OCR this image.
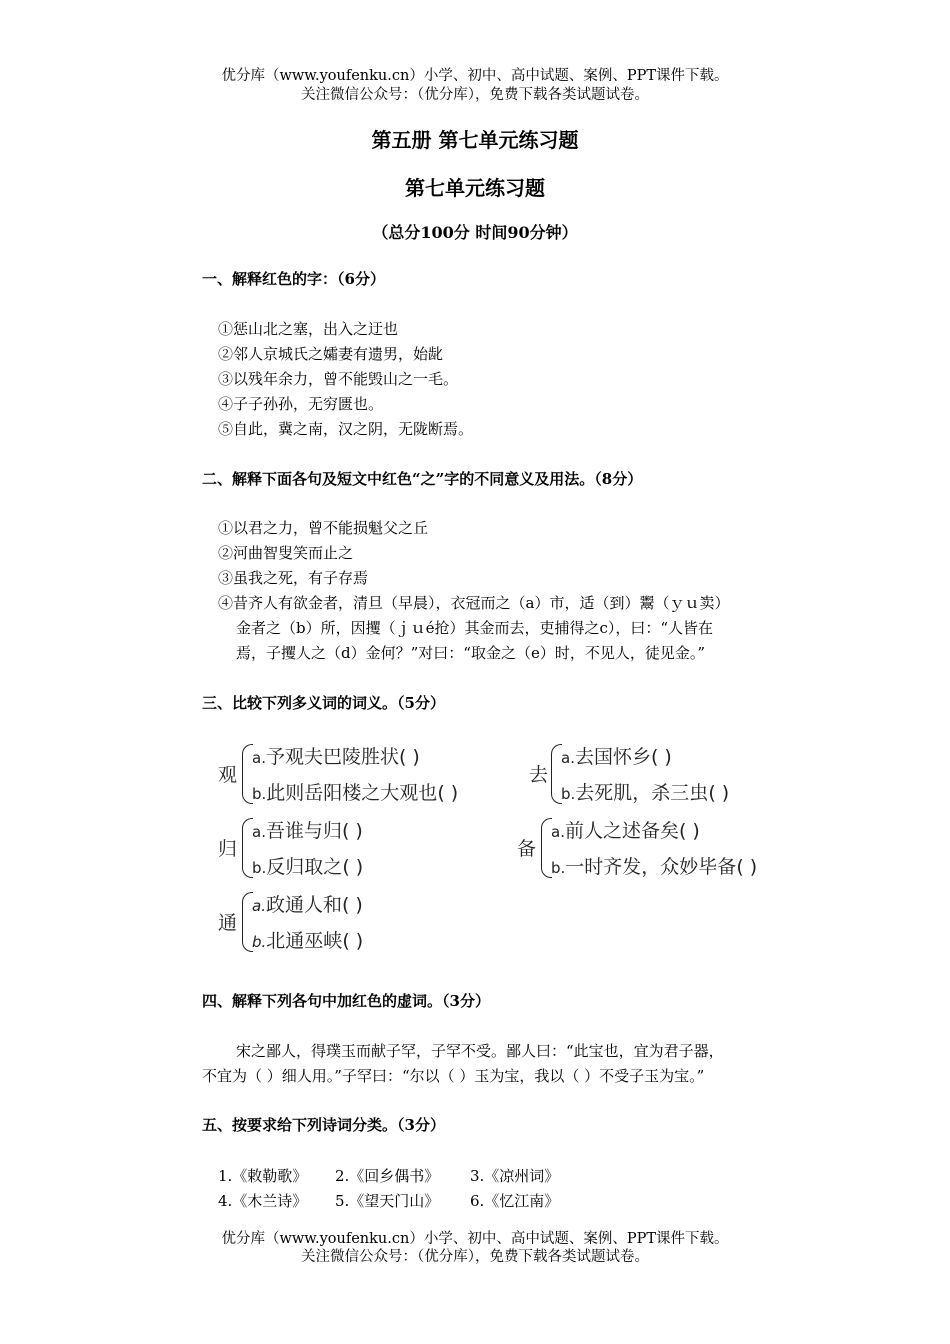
优分库（www.youfenku.cn）小学、初中、高中试题、案例、PPT课件下载。
关注微信公众号：（优分库），免费下载各类试题试卷。
第五册 第七单元练习题
第七单元练习题
（总分100分 时间90分钟）
一、解释红色的字：（6分）
①惩山北之塞，出入之迂也
②邻人京城氏之孀妻有遗男，始龀
③以残年余力，曾不能毁山之一毛。
④子子孙孙，无穷匮也。
⑤自此，冀之南，汉之阴，无陇断焉。
二、解释下面各句及短文中红色“之”字的不同意义及用法。（8分）
①以君之力，曾不能损魁父之丘
②河曲智叟笑而止之
③虽我之死，有子存焉
④昔齐人有欲金者，清旦（早晨），衣冠而之（a）市，适（到）鬻（ｙｕ̀卖）
金者之（b）所，因攫（ｊｕé抢）其金而去，吏捕得之c），曰：“人皆在
焉，子攫人之（d）金何？”对曰：“取金之（e）时，不见人，徒见金。”
三、比较下列多义词的词义。（5分）
观
a.予观夫巴陵胜状( )
b.此则岳阳楼之大观也( )
去
a.去国怀乡( )
b.去死肌，杀三虫( )
归
a.吾谁与归( )
b.反归取之( )
备
a.前人之述备矣( )
b.一时齐发，众妙毕备( )
通
a.政通人和( )
b.北通巫峡( )
四、解释下列各句中加红色的虚词。（3分）
宋之鄙人，得璞玉而献子罕，子罕不受。鄙人曰：“此宝也，宜为君子器，
不宜为（ ）细人用。”子罕曰：“尔以（ ）玉为宝，我以（ ）不受子玉为宝。”
五、按要求给下列诗词分类。（3分）
1.《敕勒歌》 2.《回乡偶书》 3.《凉州词》
4.《木兰诗》 5.《望天门山》 6.《忆江南》
优分库（www.youfenku.cn）小学、初中、高中试题、案例、PPT课件下载。
关注微信公众号：（优分库），免费下载各类试题试卷。
